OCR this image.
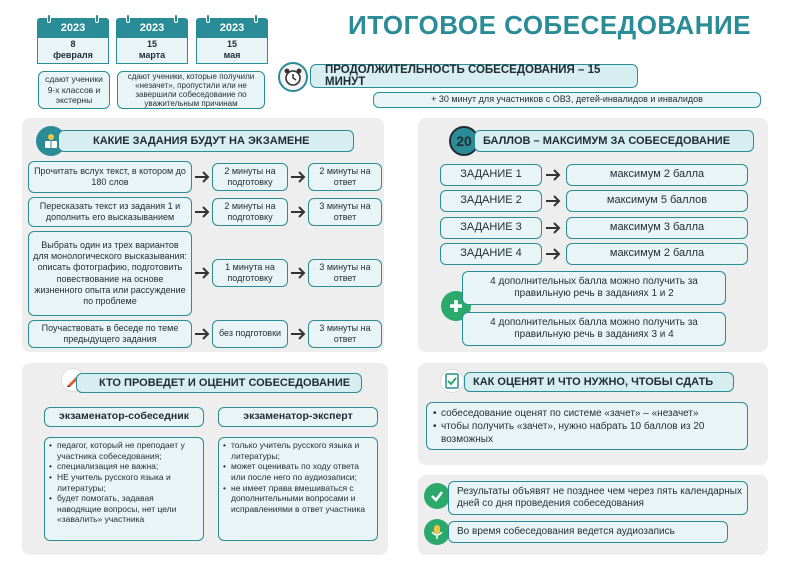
ИТОГОВОЕ СОБЕСЕДОВАНИЕ
2023
8
февраля
2023
15
марта
2023
15
мая
сдают ученики 9-х классов и экстерны
сдают ученики, которые получили «незачет», пропустили или не завершили собеседование по уважительным причинам
ПРОДОЛЖИТЕЛЬНОСТЬ СОБЕСЕДОВАНИЯ – 15 МИНУТ
+ 30 минут для участников с ОВЗ, детей-инвалидов и инвалидов
КАКИЕ ЗАДАНИЯ БУДУТ НА ЭКЗАМЕНЕ
Прочитать вслух текст, в котором до 180 слов
Пересказать текст из задания 1 и дополнить его высказыванием
Выбрать один из трех вариантов для монологического высказывания: описать фотографию, подготовить повествование на основе жизненного опыта или рассуждение по проблеме
Поучаствовать в беседе по теме предыдущего задания
2 минуты на подготовку
2 минуты на подготовку
1 минута на подготовку
без подготовки
2 минуты на ответ
3 минуты на ответ
3 минуты на ответ
3 минуты на ответ
20 БАЛЛОВ – МАКСИМУМ ЗА СОБЕСЕДОВАНИЕ
ЗАДАНИЕ 1
ЗАДАНИЕ 2
ЗАДАНИЕ 3
ЗАДАНИЕ 4
максимум 2 балла
максимум 5 баллов
максимум 3 балла
максимум 2 балла
4 дополнительных балла можно получить за правильную речь в заданиях 1 и 2
4 дополнительных балла можно получить за правильную речь в заданиях 3 и 4
КТО ПРОВЕДЕТ И ОЦЕНИТ СОБЕСЕДОВАНИЕ
экзаменатор-собеседник	экзаменатор-эксперт
• педагог, который не преподает у участника собеседования;
• специализация не важна;
• НЕ учитель русского языка и литературы;
• будет помогать, задавая наводящие вопросы, нет цели «завалить» участника
• только учитель русского языка и литературы;
• может оценивать по ходу ответа или после него по аудиозаписи;
• не имеет права вмешиваться с дополнительными вопросами и исправлениями в ответ участника
КАК ОЦЕНЯТ И ЧТО НУЖНО, ЧТОБЫ СДАТЬ
• собеседование оценят по системе «зачет» – «незачет»
• чтобы получить «зачет», нужно набрать 10 баллов из 20 возможных
Результаты объявят не позднее чем через пять календарных дней со дня проведения собеседования
Во время собеседования ведется аудиозапись
